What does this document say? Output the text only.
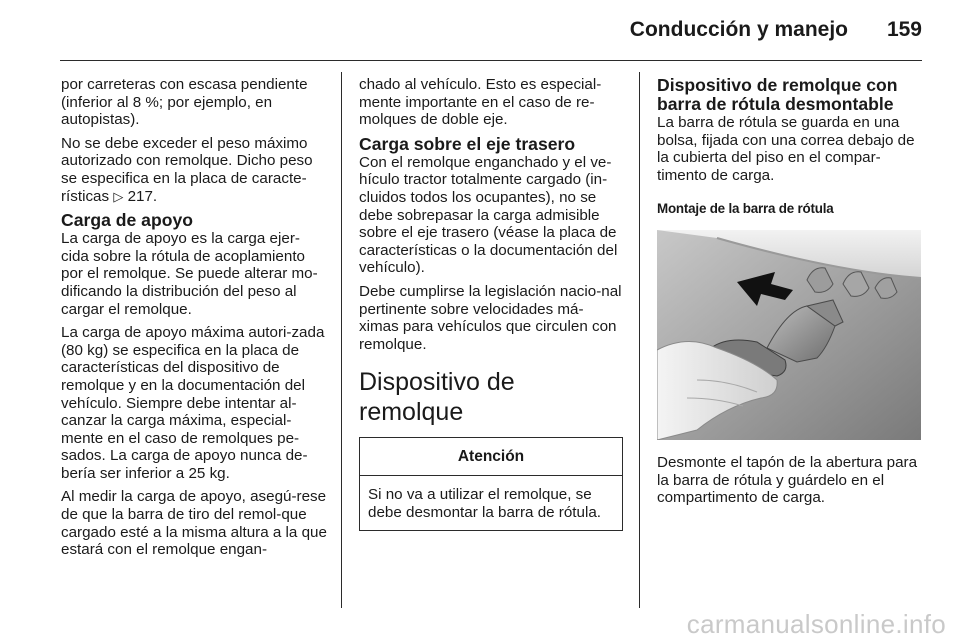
Conducción y manejo 159

por carreteras con escasa pendiente (inferior al 8 %; por ejemplo, en autopistas).

No se debe exceder el peso máximo autorizado con remolque. Dicho peso se especifica en la placa de caracte-rísticas ▷ 217.

Carga de apoyo

La carga de apoyo es la carga ejer-cida sobre la rótula de acoplamiento por el remolque. Se puede alterar mo-dificando la distribución del peso al cargar el remolque.

La carga de apoyo máxima autori-zada (80 kg) se especifica en la placa de características del dispositivo de remolque y en la documentación del vehículo. Siempre debe intentar al-canzar la carga máxima, especial-mente en el caso de remolques pe-sados. La carga de apoyo nunca de-bería ser inferior a 25 kg.

Al medir la carga de apoyo, asegú-rese de que la barra de tiro del remol-que cargado esté a la misma altura a la que estará con el remolque engan-

chado al vehículo. Esto es especial-mente importante en el caso de re-molques de doble eje.

Carga sobre el eje trasero

Con el remolque enganchado y el ve-hículo tractor totalmente cargado (in-cluidos todos los ocupantes), no se debe sobrepasar la carga admisible sobre el eje trasero (véase la placa de características o la documentación del vehículo).

Debe cumplirse la legislación nacio-nal pertinente sobre velocidades má-ximas para vehículos que circulen con remolque.

Dispositivo de remolque
Atención
Si no va a utilizar el remolque, se debe desmontar la barra de rótula.
Dispositivo de remolque con barra de rótula desmontable

La barra de rótula se guarda en una bolsa, fijada con una correa debajo de la cubierta del piso en el compar-timento de carga.

Montaje de la barra de rótula

Desmonte el tapón de la abertura para la barra de rótula y guárdelo en el compartimento de carga.

carmanualsonline.info
